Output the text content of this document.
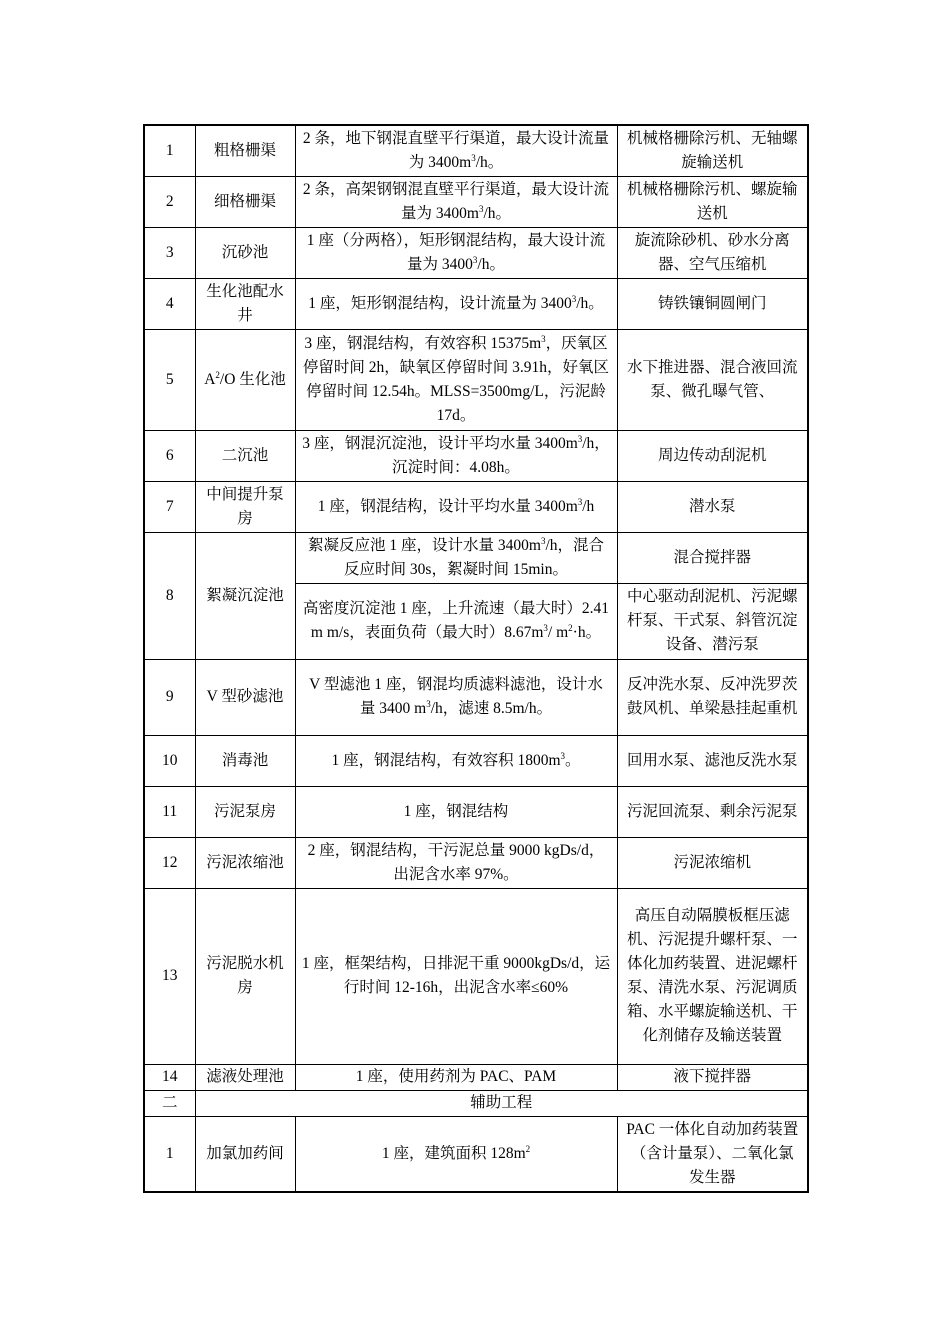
1	粗格栅渠	2 条，地下钢混直壁平行渠道，最大设计流量为 $3400m^3/h$。	机械格栅除污机、无轴螺旋输送机
2	细格栅渠	2 条，高架钢钢混直壁平行渠道，最大设计流量为 $3400m^3/h$。	机械格栅除污机、螺旋输送机
3	沉砂池	1 座（分两格），矩形钢混结构，最大设计流量为 3400$^3$/h。	旋流除砂机、砂水分离器、空气压缩机
4	生化池配水井	1 座，矩形钢混结构，设计流量为 3400$^3$/h。	铸铁镶铜圆闸门
5	$A^2/O$ 生化池	3 座，钢混结构，有效容积 $15375m^3$，厌氧区停留时间 2h，缺氧区停留时间 3.91h，好氧区停留时间 12.54h。MLSS=3500mg/L，污泥龄 17d。	水下推进器、混合液回流泵、微孔曝气管、
6	二沉池	3 座，钢混沉淀池，设计平均水量 $3400m^3/h$，沉淀时间：4.08h。	周边传动刮泥机
7	中间提升泵房	1 座，钢混结构，设计平均水量 $3400m^3/h$	潜水泵
8	絮凝沉淀池	絮凝反应池 1 座，设计水量 $3400m^3/h$，混合反应时间 30s，絮凝时间 15min。	混合搅拌器
		高密度沉淀池 1 座，上升流速（最大时）2.41m m/s，表面负荷（最大时）$8.67m^3/$ $m^2\cdot h$。	中心驱动刮泥机、污泥螺杆泵、干式泵、斜管沉淀设备、潜污泵
9	V 型砂滤池	V 型滤池 1 座，钢混均质滤料滤池，设计水量 3400 $m^3/h$，滤速 8.5m/h。	反冲洗水泵、反冲洗罗茨鼓风机、单梁悬挂起重机
10	消毒池	1 座，钢混结构，有效容积 $1800m^3$。	回用水泵、滤池反洗水泵
11	污泥泵房	1 座，钢混结构	污泥回流泵、剩余污泥泵
12	污泥浓缩池	2 座，钢混结构，干污泥总量 9000 kgDs/d，出泥含水率 97%。	污泥浓缩机
13	污泥脱水机房	1 座，框架结构，日排泥干重 9000kgDs/d，运行时间 12-16h，出泥含水率≤60%	高压自动隔膜板框压滤机、污泥提升螺杆泵、一体化加药装置、进泥螺杆泵、清洗水泵、污泥调质箱、水平螺旋输送机、干化剂储存及输送装置
14	滤液处理池	1 座，使用药剂为 PAC、PAM	液下搅拌器
二	辅助工程		
1	加氯加药间	1 座，建筑面积 $128m^2$	PAC 一体化自动加药装置（含计量泵）、二氧化氯发生器
